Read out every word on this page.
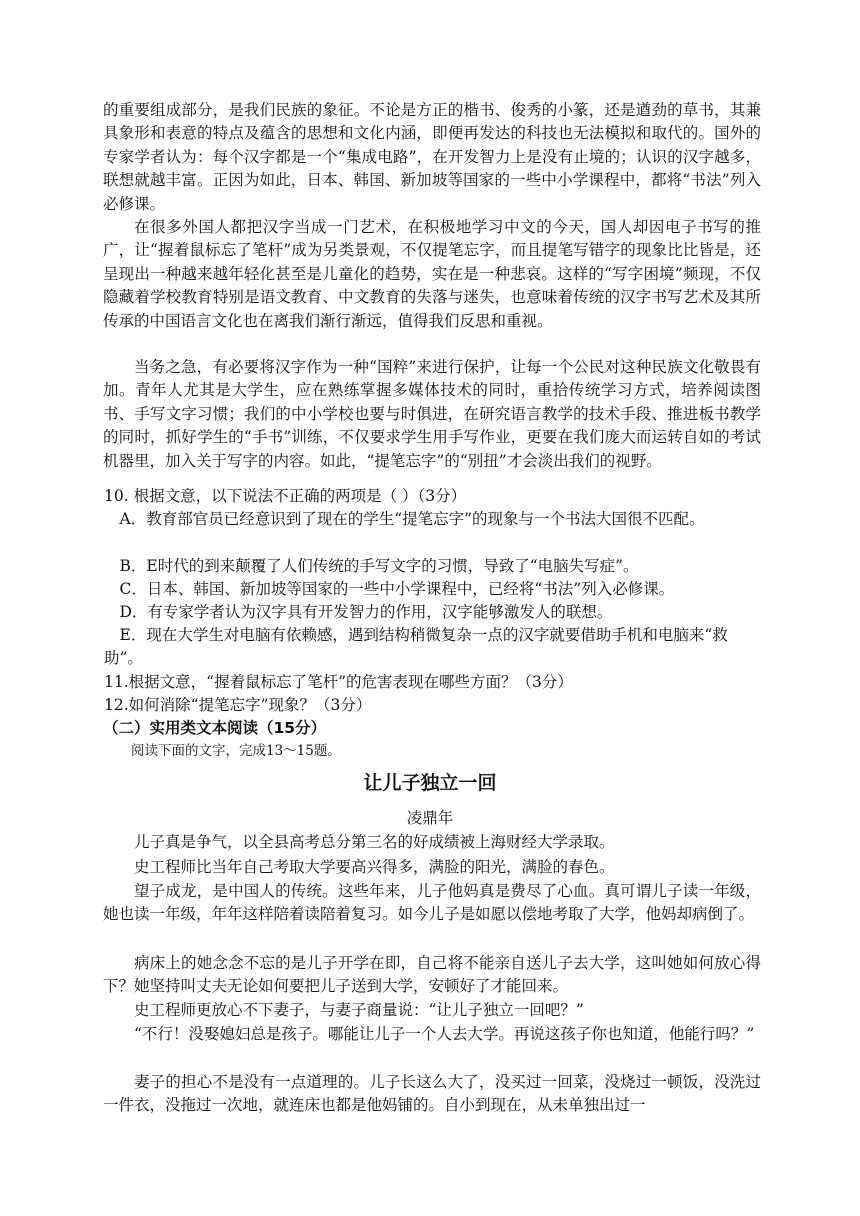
的重要组成部分，是我们民族的象征。不论是方正的楷书、俊秀的小篆，还是遒劲的草书，其兼具象形和表意的特点及蕴含的思想和文化内涵，即便再发达的科技也无法模拟和取代的。国外的专家学者认为：每个汉字都是一个“集成电路”，在开发智力上是没有止境的；认识的汉字越多，联想就越丰富。正因为如此，日本、韩国、新加坡等国家的一些中小学课程中，都将“书法”列入必修课。
在很多外国人都把汉字当成一门艺术，在积极地学习中文的今天，国人却因电子书写的推广，让“握着鼠标忘了笔杆”成为另类景观，不仅提笔忘字，而且提笔写错字的现象比比皆是，还呈现出一种越来越年轻化甚至是儿童化的趋势，实在是一种悲哀。这样的“写字困境”频现，不仅隐藏着学校教育特别是语文教育、中文教育的失落与迷失，也意味着传统的汉字书写艺术及其所传承的中国语言文化也在离我们渐行渐远，值得我们反思和重视。
当务之急，有必要将汉字作为一种“国粹”来进行保护，让每一个公民对这种民族文化敬畏有加。青年人尤其是大学生，应在熟练掌握多媒体技术的同时，重拾传统学习方式，培养阅读图书、手写文字习惯；我们的中小学校也要与时俱进，在研究语言教学的技术手段、推进板书教学的同时，抓好学生的“手书”训练，不仅要求学生用手写作业，更要在我们庞大而运转自如的考试机器里，加入关于写字的内容。如此，“提笔忘字”的“别扭”才会淡出我们的视野。
10. 根据文意，以下说法不正确的两项是（ ）（3分）
A．教育部官员已经意识到了现在的学生“提笔忘字”的现象与一个书法大国很不匹配。
B．E时代的到来颠覆了人们传统的手写文字的习惯，导致了“电脑失写症”。
C．日本、韩国、新加坡等国家的一些中小学课程中，已经将“书法”列入必修课。
D．有专家学者认为汉字具有开发智力的作用，汉字能够激发人的联想。
E．现在大学生对电脑有依赖感，遇到结构稍微复杂一点的汉字就要借助手机和电脑来“救助”。
11.根据文意，“握着鼠标忘了笔杆”的危害表现在哪些方面？（3分）
12.如何消除“提笔忘字”现象？（3分）
（二）实用类文本阅读（15分）
阅读下面的文字，完成13～15题。
让儿子独立一回
凌鼎年
儿子真是争气，以全县高考总分第三名的好成绩被上海财经大学录取。
史工程师比当年自己考取大学要高兴得多，满脸的阳光，满脸的春色。
望子成龙，是中国人的传统。这些年来，儿子他妈真是费尽了心血。真可谓儿子读一年级，她也读一年级，年年这样陪着读陪着复习。如今儿子是如愿以偿地考取了大学，他妈却病倒了。
病床上的她念念不忘的是儿子开学在即，自己将不能亲自送儿子去大学，这叫她如何放心得下？她坚持叫丈夫无论如何要把儿子送到大学，安顿好了才能回来。
史工程师更放心不下妻子，与妻子商量说：“让儿子独立一回吧？”
“不行！没娶媳妇总是孩子。哪能让儿子一个人去大学。再说这孩子你也知道，他能行吗？”
妻子的担心不是没有一点道理的。儿子长这么大了，没买过一回菜，没烧过一顿饭，没洗过一件衣，没拖过一次地，就连床也都是他妈铺的。自小到现在，从未单独出过一
